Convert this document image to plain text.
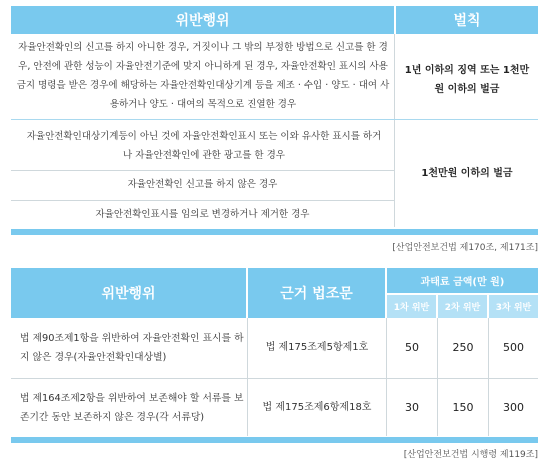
위반행위	벌칙
자율안전확인의 신고를 하지 아니한 경우, 거짓이나 그 밖의 부정한 방법으로 신고를 한 경우, 안전에 관한 성능이 자율안전기준에 맞지 아니하게 된 경우, 자율안전확인 표시의 사용 금지 명령을 받은 경우에 해당하는 자율안전확인대상기계 등을 제조 · 수입 · 양도 · 대여 사용하거나 양도 · 대여의 목적으로 진열한 경우
1년 이하의 징역 또는 1천만원 이하의 벌금
자율안전확인대상기계등이 아닌 것에 자율안전확인표시 또는 이와 유사한 표시를 하거나 자율안전확인에 관한 광고를 한 경우
자율안전확인 신고를 하지 않은 경우
자율안전확인표시를 임의로 변경하거나 제거한 경우
1천만원 이하의 벌금
[산업안전보건법 제170조, 제171조]
위반행위	근거 법조문
과태료 금액(만 원)
1차 위반 2차 위반 3차 위반
법 제90조제1항을 위반하여 자율안전확인 표시를 하지 않은 경우(자율안전확인대상별)
법 제175조제5항제1호	50	250	500
법 제164조제2항을 위반하여 보존해야 할 서류를 보존기간 동안 보존하지 않은 경우(각 서류당)
법 제175조제6항제18호	30	150	300
[산업안전보건법 시행령 제119조]
